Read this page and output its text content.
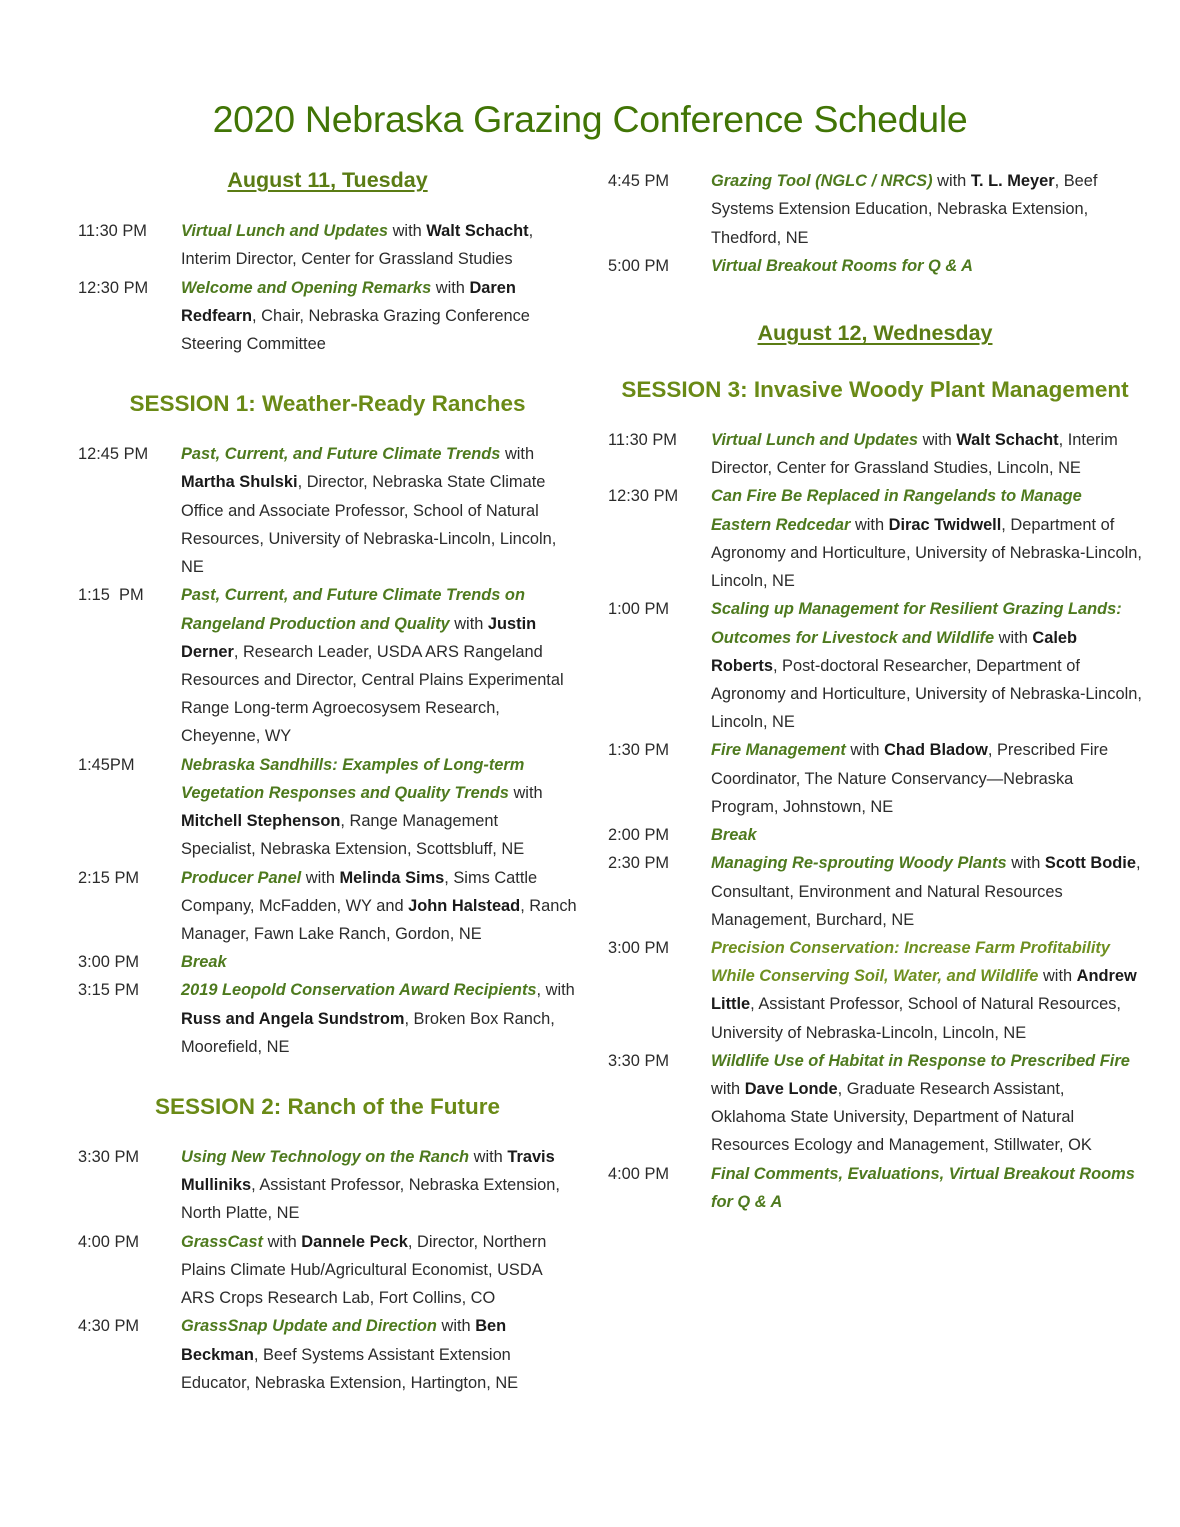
2020 Nebraska Grazing Conference Schedule
August 11, Tuesday
11:30 PM	Virtual Lunch and Updates with Walt Schacht, Interim Director, Center for Grassland Studies
12:30 PM	Welcome and Opening Remarks with Daren Redfearn, Chair, Nebraska Grazing Conference Steering Committee
SESSION 1: Weather-Ready Ranches
12:45 PM	Past, Current, and Future Climate Trends with Martha Shulski, Director, Nebraska State Climate Office and Associate Professor, School of Natural Resources, University of Nebraska-Lincoln, Lincoln, NE
1:15  PM	Past, Current, and Future Climate Trends on Rangeland Production and Quality with Justin Derner, Research Leader, USDA ARS Rangeland Resources and Director, Central Plains Experimental Range Long-term Agroecosysem Research, Cheyenne, WY
1:45PM	Nebraska Sandhills: Examples of Long-term Vegetation Responses and Quality Trends with Mitchell Stephenson, Range Management Specialist, Nebraska Extension, Scottsbluff, NE
2:15 PM	Producer Panel with Melinda Sims, Sims Cattle Company, McFadden, WY and John Halstead, Ranch Manager, Fawn Lake Ranch, Gordon, NE
3:00 PM	Break
3:15 PM	2019 Leopold Conservation Award Recipients, with Russ and Angela Sundstrom, Broken Box Ranch, Moorefield, NE
SESSION 2: Ranch of the Future
3:30 PM	Using New Technology on the Ranch with Travis Mulliniks, Assistant Professor, Nebraska Extension, North Platte, NE
4:00 PM	GrassCast with Dannele Peck, Director, Northern Plains Climate Hub/Agricultural Economist, USDA ARS Crops Research Lab, Fort Collins, CO
4:30 PM	GrassSnap Update and Direction with Ben Beckman, Beef Systems Assistant Extension Educator, Nebraska Extension, Hartington, NE
4:45 PM	Grazing Tool (NGLC / NRCS) with T. L. Meyer, Beef Systems Extension Education, Nebraska Extension, Thedford, NE
5:00 PM	Virtual Breakout Rooms for Q & A
August 12, Wednesday
SESSION 3: Invasive Woody Plant Management
11:30 PM	Virtual Lunch and Updates with Walt Schacht, Interim Director, Center for Grassland Studies, Lincoln, NE
12:30 PM	Can Fire Be Replaced in Rangelands to Manage Eastern Redcedar with Dirac Twidwell, Department of Agronomy and Horticulture, University of Nebraska-Lincoln, Lincoln, NE
1:00 PM	Scaling up Management for Resilient Grazing Lands: Outcomes for Livestock and Wildlife with Caleb Roberts, Post-doctoral Researcher, Department of Agronomy and Horticulture, University of Nebraska-Lincoln, Lincoln, NE
1:30 PM	Fire Management with Chad Bladow, Prescribed Fire Coordinator, The Nature Conservancy—Nebraska Program, Johnstown, NE
2:00 PM	Break
2:30 PM	Managing Re-sprouting Woody Plants with Scott Bodie, Consultant, Environment and Natural Resources Management, Burchard, NE
3:00 PM	Precision Conservation: Increase Farm Profitability While Conserving Soil, Water, and Wildlife with Andrew Little, Assistant Professor, School of Natural Resources, University of Nebraska-Lincoln, Lincoln, NE
3:30 PM	Wildlife Use of Habitat in Response to Prescribed Fire with Dave Londe, Graduate Research Assistant, Oklahoma State University, Department of Natural Resources Ecology and Management, Stillwater, OK
4:00 PM	Final Comments, Evaluations, Virtual Breakout Rooms for Q & A
